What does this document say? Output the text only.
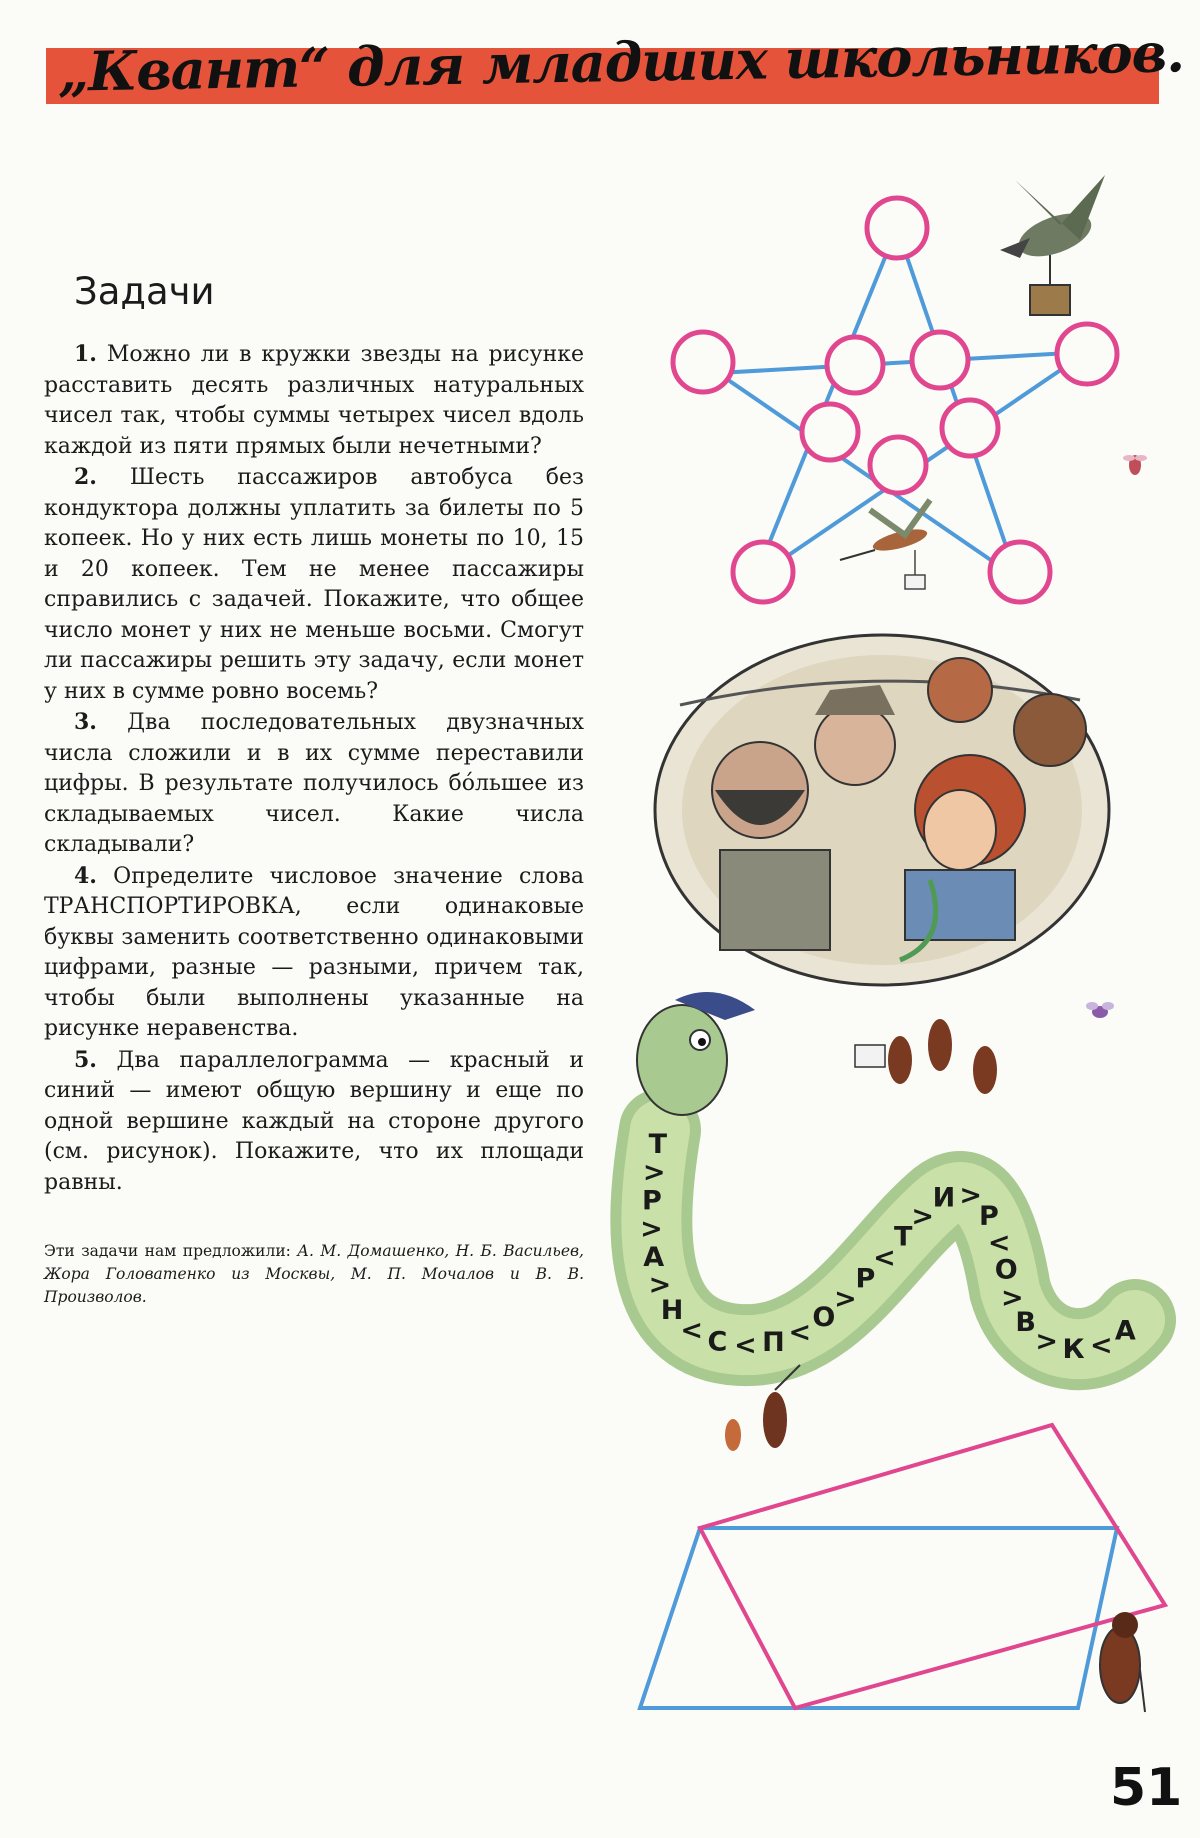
„Квант“ для младших школьников.
Задачи

1. Можно ли в кружки звезды на рисунке расставить десять различных натуральных чисел так, чтобы суммы четырех чисел вдоль каждой из пяти прямых были нечетными?

2. Шесть пассажиров автобуса без кондуктора должны уплатить за билеты по 5 копеек. Но у них есть лишь монеты по 10, 15 и 20 копеек. Тем не менее пассажиры справились с задачей. Покажите, что общее число монет у них не меньше восьми. Смогут ли пассажиры решить эту задачу, если монет у них в сумме ровно восемь?

3. Два последовательных двузначных числа сложили и в их сумме переставили цифры. В результате получилось бо́льшее из складываемых чисел. Какие числа складывали?

4. Определите числовое значение слова ТРАНСПОРТИРОВКА, если одинаковые буквы заменить соответственно одинаковыми цифрами, разные — разными, причем так, чтобы были выполнены указанные на рисунке неравенства.

5. Два параллелограмма — красный и синий — имеют общую вершину и еще по одной вершине каждый на стороне другого (см. рисунок). Покажите, что их площади равны.

Эти задачи нам предложили: А. М. Домашенко, Н. Б. Васильев, Жора Головатенко из Москвы, М. П. Мочалов и В. В. Произволов.
Т
>
Р
>
А
>
Н
< С < П < О
>
Р
<
Т
>
И >
Р
<
О
>
В
> К < А
51
